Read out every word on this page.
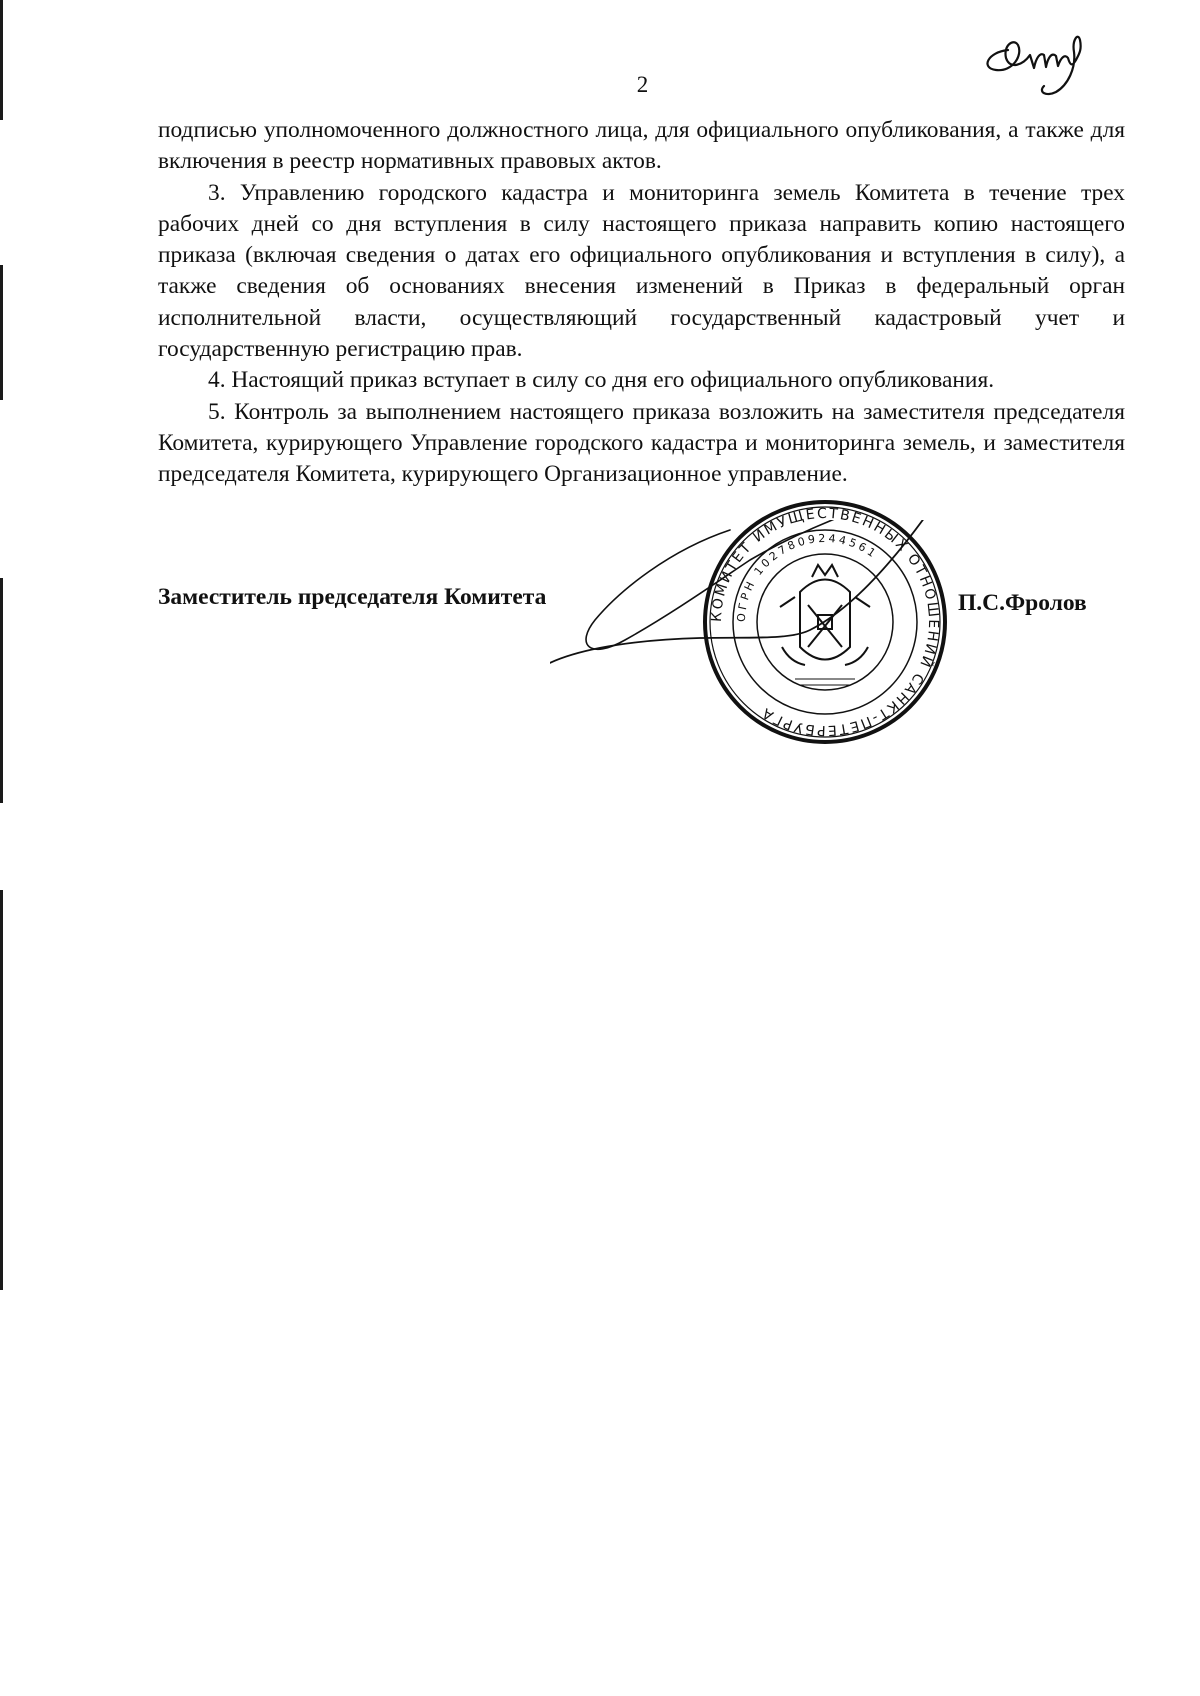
2

подписью уполномоченного должностного лица, для официального опубликования, а также для включения в реестр нормативных правовых актов.

3. Управлению городского кадастра и мониторинга земель Комитета в течение трех рабочих дней со дня вступления в силу настоящего приказа направить копию настоящего приказа (включая сведения о датах его официального опубликования и вступления в силу), а также сведения об основаниях внесения изменений в Приказ в федеральный орган исполнительной власти, осуществляющий государственный кадастровый учет и государственную регистрацию прав.

4. Настоящий приказ вступает в силу со дня его официального опубликования.

5. Контроль за выполнением настоящего приказа возложить на заместителя председателя Комитета, курирующего Управление городского кадастра и мониторинга земель, и заместителя председателя Комитета, курирующего Организационное управление.

КОМИТЕТ ИМУЩЕСТВЕННЫХ ОТНОШЕНИЙ САНКТ-ПЕТЕРБУРГА
ОГРН 1027809244561
Заместитель председателя Комитета	П.С.Фролов
